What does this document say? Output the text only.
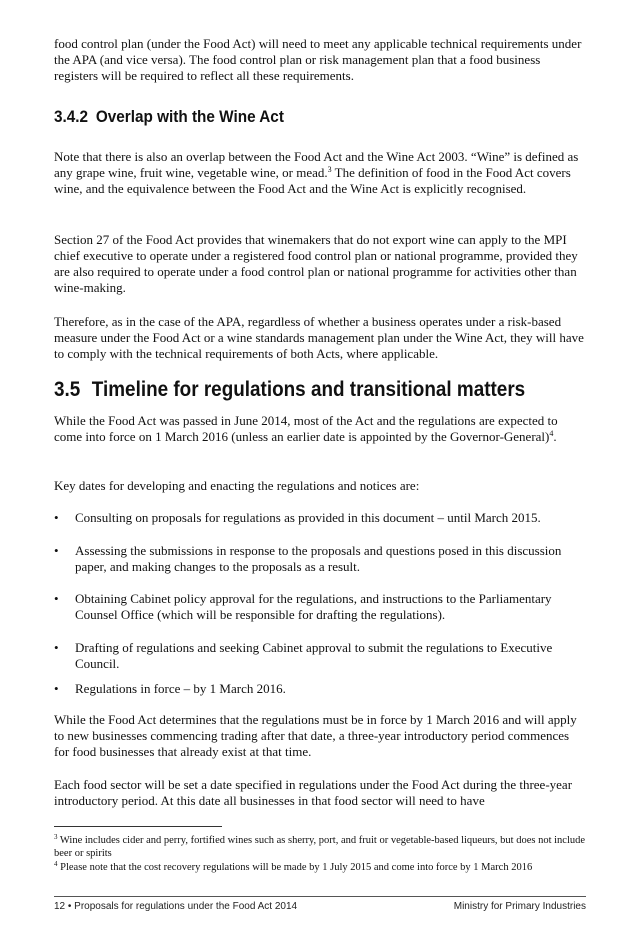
food control plan (under the Food Act) will need to meet any applicable technical requirements under the APA (and vice versa). The food control plan or risk management plan that a food business registers will be required to reflect all these requirements.

3.4.2 Overlap with the Wine Act

Note that there is also an overlap between the Food Act and the Wine Act 2003. “Wine” is defined as any grape wine, fruit wine, vegetable wine, or mead.$^3$ The definition of food in the Food Act covers wine, and the equivalence between the Food Act and the Wine Act is explicitly recognised.

Section 27 of the Food Act provides that winemakers that do not export wine can apply to the MPI chief executive to operate under a registered food control plan or national programme, provided they are also required to operate under a food control plan or national programme for activities other than wine-making.

Therefore, as in the case of the APA, regardless of whether a business operates under a risk-based measure under the Food Act or a wine standards management plan under the Wine Act, they will have to comply with the technical requirements of both Acts, where applicable.

3.5 Timeline for regulations and transitional matters

While the Food Act was passed in June 2014, most of the Act and the regulations are expected to come into force on 1 March 2016 (unless an earlier date is appointed by the Governor-General)$^4$.

Key dates for developing and enacting the regulations and notices are:

• Consulting on proposals for regulations as provided in this document – until March 2015.
• Assessing the submissions in response to the proposals and questions posed in this discussion paper, and making changes to the proposals as a result.
• Obtaining Cabinet policy approval for the regulations, and instructions to the Parliamentary Counsel Office (which will be responsible for drafting the regulations).
• Drafting of regulations and seeking Cabinet approval to submit the regulations to Executive Council.
• Regulations in force – by 1 March 2016.

While the Food Act determines that the regulations must be in force by 1 March 2016 and will apply to new businesses commencing trading after that date, a three-year introductory period commences for food businesses that already exist at that time.

Each food sector will be set a date specified in regulations under the Food Act during the three-year introductory period. At this date all businesses in that food sector will need to have

$^3$ Wine includes cider and perry, fortified wines such as sherry, port, and fruit or vegetable-based liqueurs, but does not include beer or spirits
$^4$ Please note that the cost recovery regulations will be made by 1 July 2015 and come into force by 1 March 2016
12 • Proposals for regulations under the Food Act 2014	Ministry for Primary Industries
